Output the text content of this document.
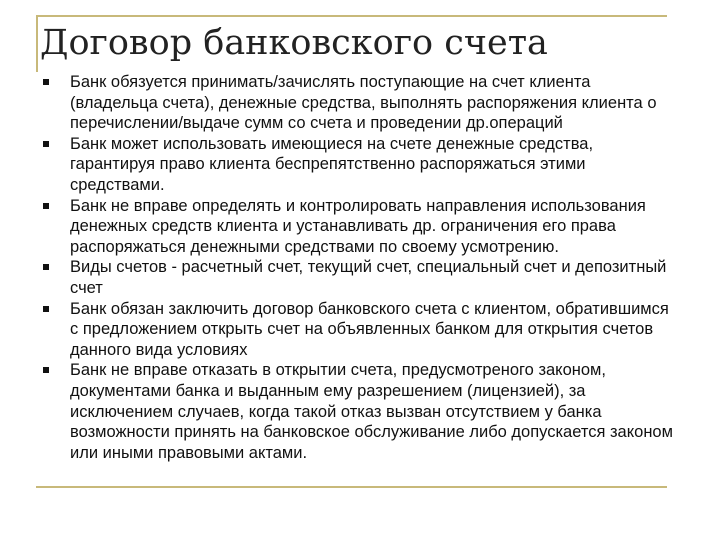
Договор банковского счета
Банк обязуется принимать/зачислять поступающие на счет клиента (владельца счета), денежные средства, выполнять распоряжения клиента о перечислении/выдаче сумм со счета и проведении др.операций
Банк может использовать имеющиеся на счете денежные средства, гарантируя право клиента беспрепятственно распоряжаться этими средствами.
Банк не вправе определять и контролировать направления использования денежных средств клиента и устанавливать др. ограничения его права распоряжаться денежными средствами по своему усмотрению.
Виды счетов - расчетный счет, текущий счет, специальный счет и депозитный счет
Банк обязан заключить договор банковского счета с клиентом, обратившимся с предложением открыть счет на объявленных банком для открытия счетов данного вида условиях
Банк не вправе отказать в открытии счета, предусмотреного законом, документами банка и выданным ему разрешением (лицензией), за исключением случаев, когда такой отказ вызван отсутствием у банка возможности принять на банковское обслуживание либо допускается законом или иными правовыми актами.
